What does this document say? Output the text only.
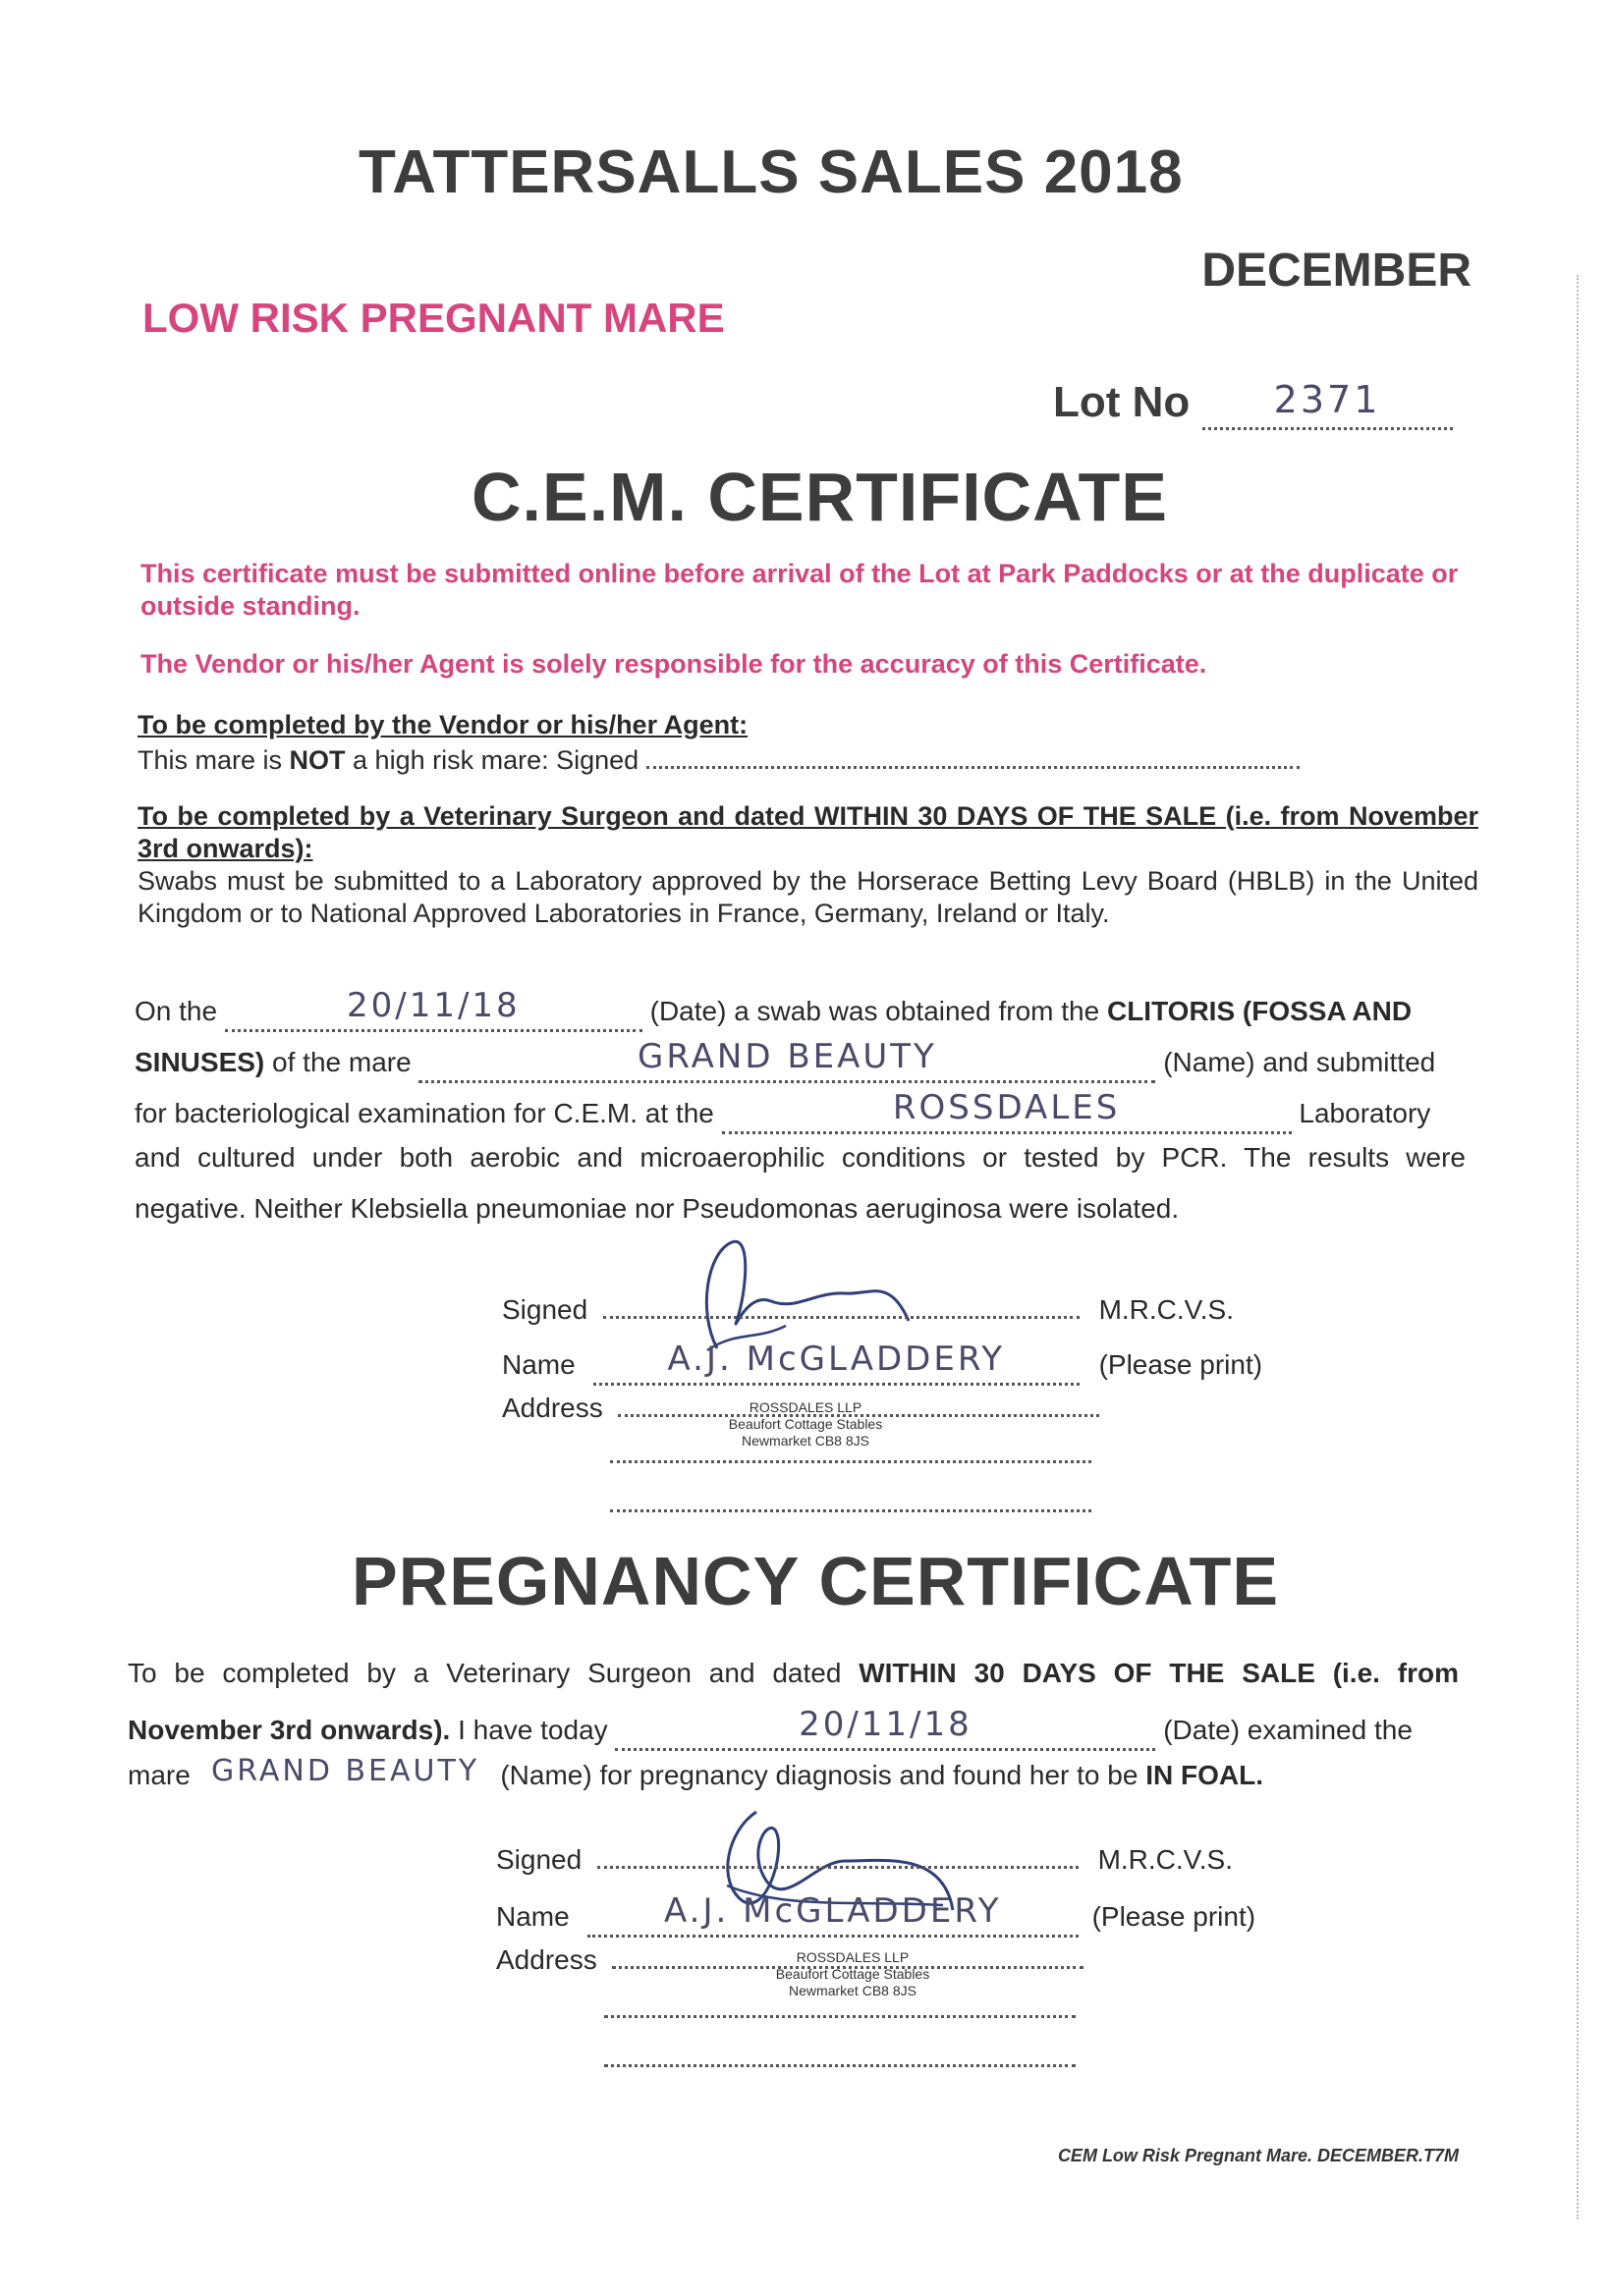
TATTERSALLS SALES 2018
DECEMBER
LOW RISK PREGNANT MARE
Lot No 2371
C.E.M. CERTIFICATE
This certificate must be submitted online before arrival of the Lot at Park Paddocks or at the duplicate or outside standing.
The Vendor or his/her Agent is solely responsible for the accuracy of this Certificate.
To be completed by the Vendor or his/her Agent:
This mare is NOT a high risk mare: Signed
To be completed by a Veterinary Surgeon and dated WITHIN 30 DAYS OF THE SALE (i.e. from November 3rd onwards):
Swabs must be submitted to a Laboratory approved by the Horserace Betting Levy Board (HBLB) in the United Kingdom or to National Approved Laboratories in France, Germany, Ireland or Italy.
On the	20/11/18	(Date) a swab was obtained from the CLITORIS (FOSSA AND
SINUSES) of the mare	GRAND BEAUTY	(Name) and submitted
for bacteriological examination for C.E.M. at the	ROSSDALES	Laboratory
and cultured under both aerobic and microaerophilic conditions or tested by PCR. The results were
negative. Neither Klebsiella pneumoniae nor Pseudomonas aeruginosa were isolated.
Signed	M.R.C.V.S.
Name	A.J. McGLADDERY	(Please print)
Address	ROSSDALES LLP
Beaufort Cottage Stables
Newmarket CB8 8JS
PREGNANCY CERTIFICATE
To be completed by a Veterinary Surgeon and dated WITHIN 30 DAYS OF THE SALE (i.e. from
November 3rd onwards). I have today	20/11/18	(Date) examined the
mare GRAND BEAUTY (Name) for pregnancy diagnosis and found her to be IN FOAL.
Signed	M.R.C.V.S.
Name	A.J. McGLADDERY	(Please print)
Address	ROSSDALES LLP
Beaufort Cottage Stables
Newmarket CB8 8JS
CEM Low Risk Pregnant Mare. DECEMBER.T7M
